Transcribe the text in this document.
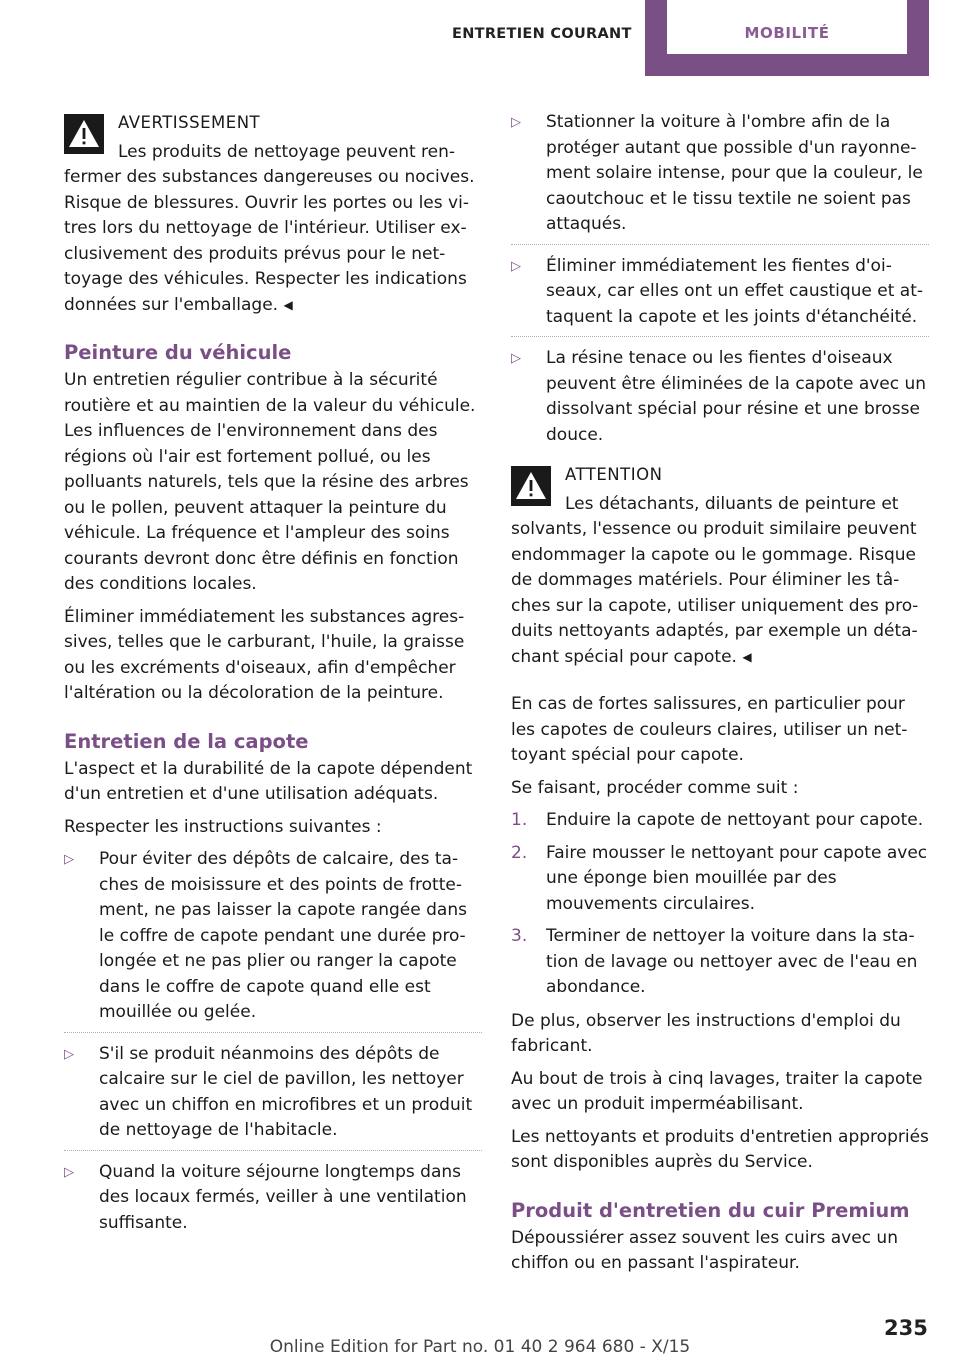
ENTRETIEN COURANT	MOBILITÉ
AVERTISSEMENT

Les produits de nettoyage peuvent renfermer des substances dangereuses ou nocives. Risque de blessures. Ouvrir les portes ou les vitres lors du nettoyage de l'intérieur. Utiliser exclusivement des produits prévus pour le nettoyage des véhicules. Respecter les indications données sur l'emballage. ◀

Peinture du véhicule

Un entretien régulier contribue à la sécurité routière et au maintien de la valeur du véhicule. Les influences de l'environnement dans des régions où l'air est fortement pollué, ou les polluants naturels, tels que la résine des arbres ou le pollen, peuvent attaquer la peinture du véhicule. La fréquence et l'ampleur des soins courants devront donc être définis en fonction des conditions locales.

Éliminer immédiatement les substances agressives, telles que le carburant, l'huile, la graisse ou les excréments d'oiseaux, afin d'empêcher l'altération ou la décoloration de la peinture.

Entretien de la capote

L'aspect et la durabilité de la capote dépendent d'un entretien et d'une utilisation adéquats.

Respecter les instructions suivantes :

▷ Pour éviter des dépôts de calcaire, des taches de moisissure et des points de frottement, ne pas laisser la capote rangée dans le coffre de capote pendant une durée prolongée et ne pas plier ou ranger la capote dans le coffre de capote quand elle est mouillée ou gelée.
▷ S'il se produit néanmoins des dépôts de calcaire sur le ciel de pavillon, les nettoyer avec un chiffon en microfibres et un produit de nettoyage de l'habitacle.
▷ Quand la voiture séjourne longtemps dans des locaux fermés, veiller à une ventilation suffisante.
▷ Stationner la voiture à l'ombre afin de la protéger autant que possible d'un rayonnement solaire intense, pour que la couleur, le caoutchouc et le tissu textile ne soient pas attaqués.
▷ Éliminer immédiatement les fientes d'oiseaux, car elles ont un effet caustique et attaquent la capote et les joints d'étanchéité.
▷ La résine tenace ou les fientes d'oiseaux peuvent être éliminées de la capote avec un dissolvant spécial pour résine et une brosse douce.
ATTENTION

Les détachants, diluants de peinture et solvants, l'essence ou produit similaire peuvent endommager la capote ou le gommage. Risque de dommages matériels. Pour éliminer les tâches sur la capote, utiliser uniquement des produits nettoyants adaptés, par exemple un détachant spécial pour capote. ◀

En cas de fortes salissures, en particulier pour les capotes de couleurs claires, utiliser un nettoyant spécial pour capote.

Se faisant, procéder comme suit :

1. Enduire la capote de nettoyant pour capote.
2. Faire mousser le nettoyant pour capote avec une éponge bien mouillée par des mouvements circulaires.
3. Terminer de nettoyer la voiture dans la station de lavage ou nettoyer avec de l'eau en abondance.

De plus, observer les instructions d'emploi du fabricant.

Au bout de trois à cinq lavages, traiter la capote avec un produit imperméabilisant.

Les nettoyants et produits d'entretien appropriés sont disponibles auprès du Service.

Produit d'entretien du cuir Premium

Dépoussiérer assez souvent les cuirs avec un chiffon ou en passant l'aspirateur.

235
Online Edition for Part no. 01 40 2 964 680 - X/15
